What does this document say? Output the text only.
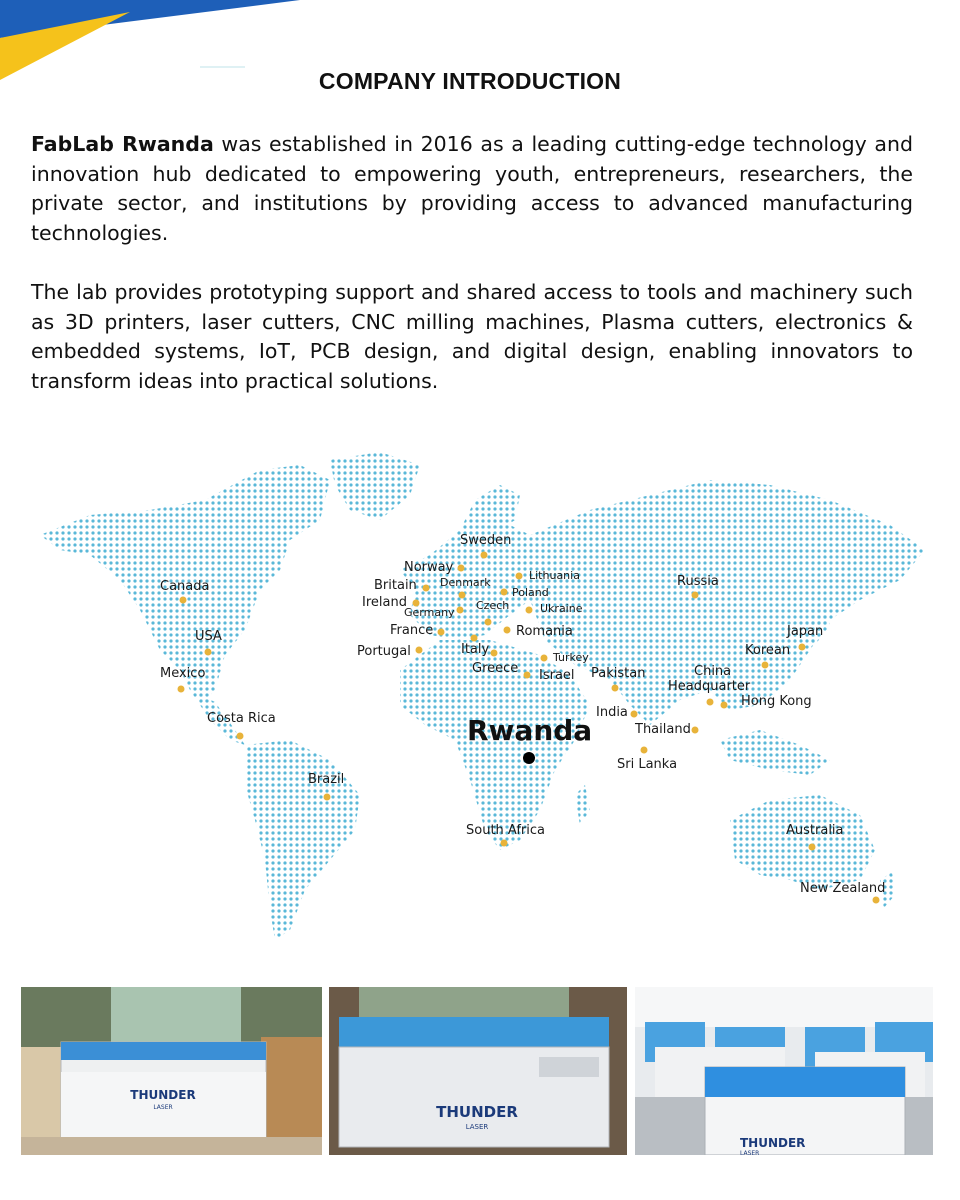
COMPANY INTRODUCTION

FabLab Rwanda was established in 2016 as a leading cutting-edge technology and innovation hub dedicated to empowering youth, entrepreneurs, researchers, the private sector, and institutions by providing access to advanced manufacturing technologies.

The lab provides prototyping support and shared access to tools and machinery such as 3D printers, laser cutters, CNC milling machines, Plasma cutters, electronics & embedded systems, IoT, PCB design, and digital design, enabling innovators to transform ideas into practical solutions.

Sweden
Norway
Britain Denmark
Lithuania
Ireland
Poland
Czech
Germany	Ukraine
France	Romania
Portugal	Italy
Turkey
Greece Israel
Canada
USA
Mexico
Costa Rica
Brazil
Russia
Japan
Korean
China
Headquarter
Hong Kong
Pakistan
India
Thailand
Sri Lanka
South Africa	Australia
New Zealand
Rwanda
THUNDER
LASER	THUNDER
LASER
THUNDER
LASER
